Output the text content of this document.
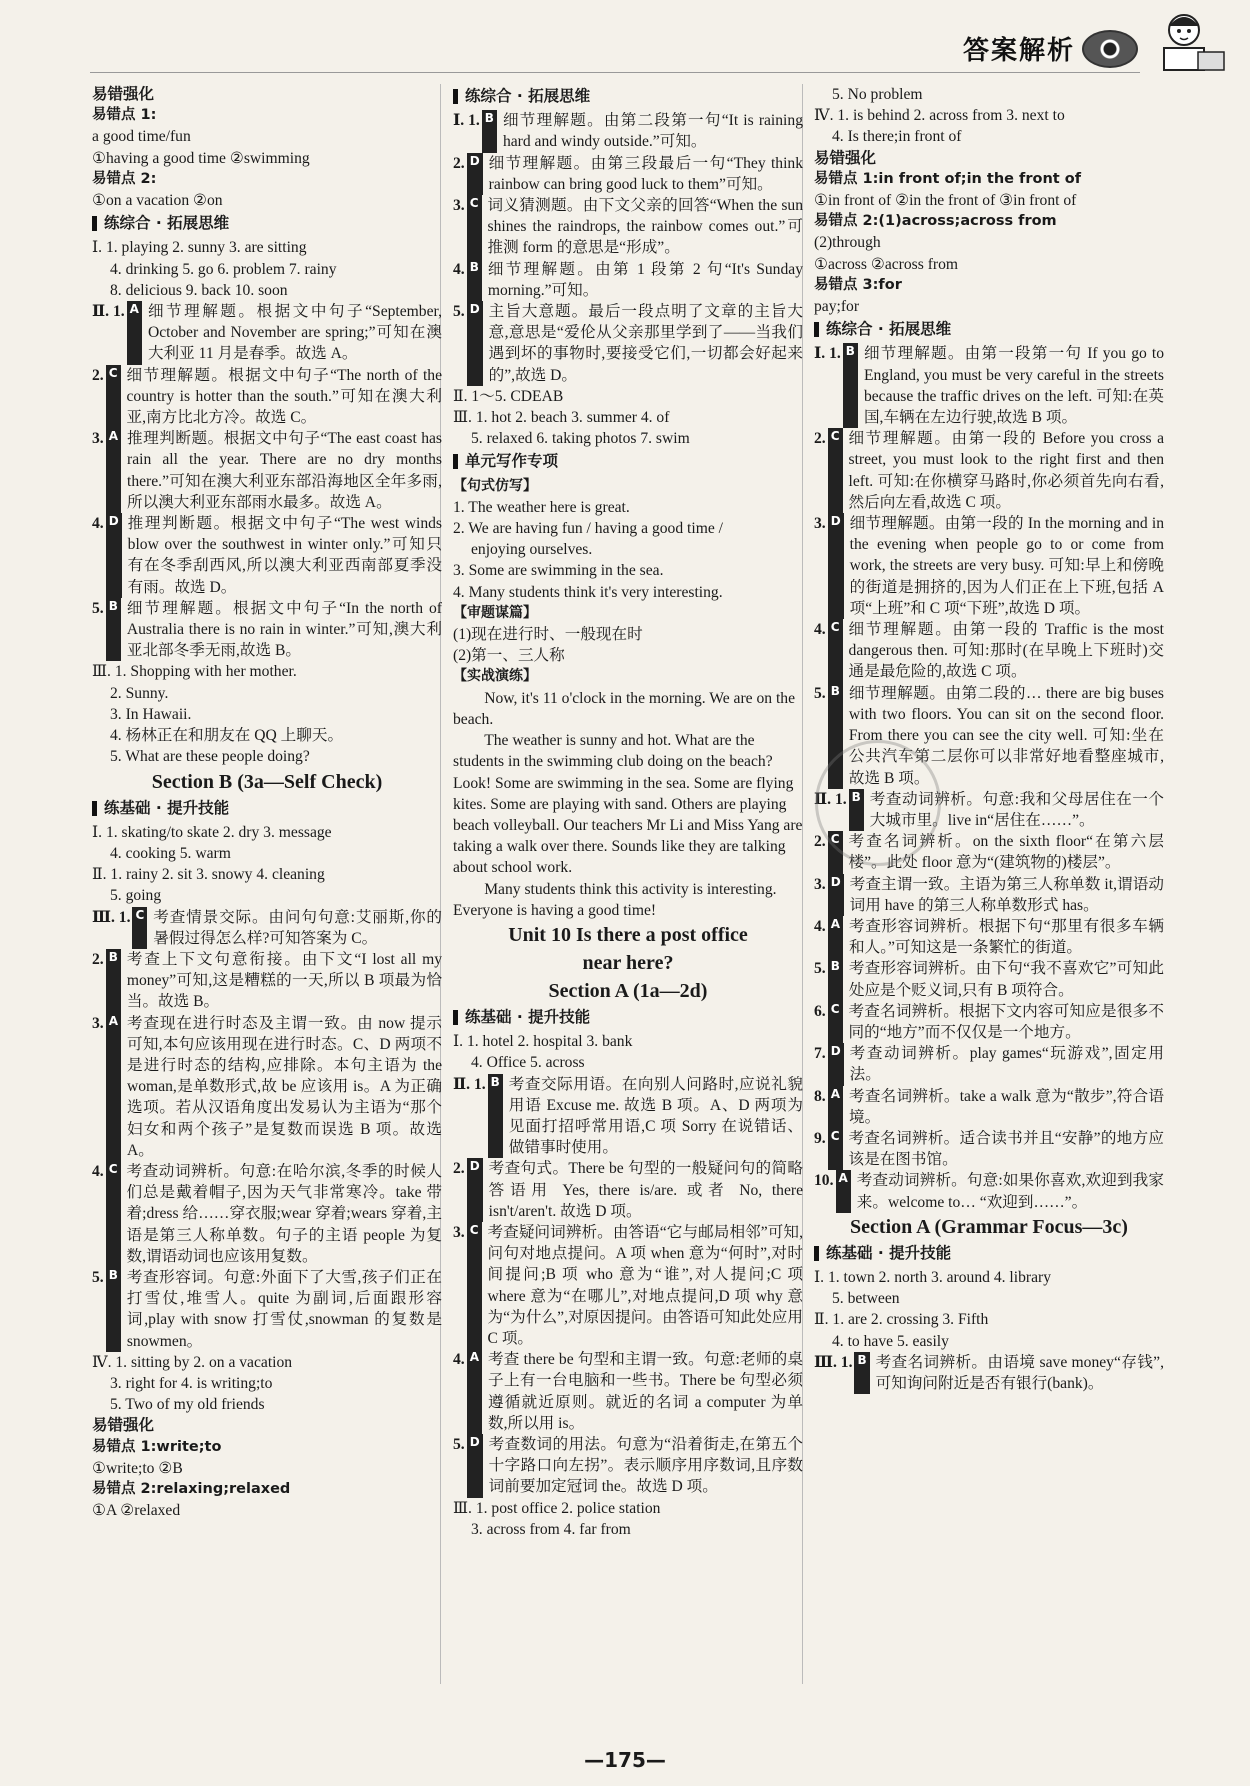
答案解析
易错强化
易错点 1:
a good time/fun
①having a good time ②swimming
易错点 2:
①on a vacation ②on
练综合 · 拓展思维
Ⅰ. 1. playing 2. sunny 3. are sitting
4. drinking 5. go 6. problem 7. rainy
8. delicious 9. back 10. soon
Ⅱ. 1. A 细节理解题。根据文中句子“September, October and November are spring;”可知在澳大利亚 11 月是春季。故选 A。
2. C 细节理解题。根据文中句子“The north of the country is hotter than the south.”可知在澳大利亚,南方比北方冷。故选 C。
3. A 推理判断题。根据文中句子“The east coast has rain all the year. There are no dry months there.”可知在澳大利亚东部沿海地区全年多雨,所以澳大利亚东部雨水最多。故选 A。
4. D 推理判断题。根据文中句子“The west winds blow over the southwest in winter only.”可知只有在冬季刮西风,所以澳大利亚西南部夏季没有雨。故选 D。
5. B 细节理解题。根据文中句子“In the north of Australia there is no rain in winter.”可知,澳大利亚北部冬季无雨,故选 B。
Ⅲ. 1. Shopping with her mother.
2. Sunny.
3. In Hawaii.
4. 杨林正在和朋友在 QQ 上聊天。
5. What are these people doing?
Section B (3a—Self Check)
练基础 · 提升技能
Ⅰ. 1. skating/to skate 2. dry 3. message
4. cooking 5. warm
Ⅱ. 1. rainy 2. sit 3. snowy 4. cleaning
5. going
Ⅲ. 1. C 考查情景交际。由问句句意:艾丽斯,你的暑假过得怎么样?可知答案为 C。
2. B 考查上下文句意衔接。由下文“I lost all my money”可知,这是糟糕的一天,所以 B 项最为恰当。故选 B。
3. A 考查现在进行时态及主谓一致。由 now 提示可知,本句应该用现在进行时态。C、D 两项不是进行时态的结构,应排除。本句主语为 the woman,是单数形式,故 be 应该用 is。A 为正确选项。若从汉语角度出发易认为主语为“那个妇女和两个孩子”是复数而误选 B 项。故选 A。
4. C 考查动词辨析。句意:在哈尔滨,冬季的时候人们总是戴着帽子,因为天气非常寒冷。take 带着;dress 给……穿衣服;wear 穿着;wears 穿着,主语是第三人称单数。句子的主语 people 为复数,谓语动词也应该用复数。
5. B 考查形容词。句意:外面下了大雪,孩子们正在打雪仗,堆雪人。quite 为副词,后面跟形容词,play with snow 打雪仗,snowman 的复数是 snowmen。
Ⅳ. 1. sitting by 2. on a vacation
3. right for 4. is writing;to
5. Two of my old friends
易错强化
易错点 1:write;to
①write;to ②B
易错点 2:relaxing;relaxed
①A ②relaxed
练综合 · 拓展思维
Ⅰ. 1. B 细节理解题。由第二段第一句“It is raining hard and windy outside.”可知。
2. D 细节理解题。由第三段最后一句“They think rainbow can bring good luck to them”可知。
3. C 词义猜测题。由下文父亲的回答“When the sun shines the raindrops, the rainbow comes out.”可推测 form 的意思是“形成”。
4. B 细节理解题。由第 1 段第 2 句“It's Sunday morning.”可知。
5. D 主旨大意题。最后一段点明了文章的主旨大意,意思是“爱伦从父亲那里学到了——当我们遇到坏的事物时,要接受它们,一切都会好起来的”,故选 D。
Ⅱ. 1～5. CDEAB
Ⅲ. 1. hot 2. beach 3. summer 4. of
5. relaxed 6. taking photos 7. swim
单元写作专项
【句式仿写】
1. The weather here is great.
2. We are having fun / having a good time /
enjoying ourselves.
3. Some are swimming in the sea.
4. Many students think it's very interesting.
【审题谋篇】
(1)现在进行时、一般现在时
(2)第一、三人称
【实战演练】
Now, it's 11 o'clock in the morning. We are on the beach.
The weather is sunny and hot. What are the students in the swimming club doing on the beach? Look! Some are swimming in the sea. Some are flying kites. Some are playing with sand. Others are playing beach volleyball. Our teachers Mr Li and Miss Yang are taking a walk over there. Sounds like they are talking about school work.
Many students think this activity is interesting. Everyone is having a good time!
Unit 10 Is there a post office
near here?
Section A (1a—2d)
练基础 · 提升技能
Ⅰ. 1. hotel 2. hospital 3. bank
4. Office 5. across
Ⅱ. 1. B 考查交际用语。在向别人问路时,应说礼貌用语 Excuse me. 故选 B 项。A、D 两项为见面打招呼常用语,C 项 Sorry 在说错话、做错事时使用。
2. D 考查句式。There be 句型的一般疑问句的简略答语用 Yes, there is/are. 或者 No, there isn't/aren't. 故选 D 项。
3. C 考查疑问词辨析。由答语“它与邮局相邻”可知,问句对地点提问。A 项 when 意为“何时”,对时间提问;B 项 who 意为“谁”,对人提问;C 项 where 意为“在哪儿”,对地点提问,D 项 why 意为“为什么”,对原因提问。由答语可知此处应用 C 项。
4. A 考查 there be 句型和主谓一致。句意:老师的桌子上有一台电脑和一些书。There be 句型必须遵循就近原则。就近的名词 a computer 为单数,所以用 is。
5. D 考查数词的用法。句意为“沿着街走,在第五个十字路口向左拐”。表示顺序用序数词,且序数词前要加定冠词 the。故选 D 项。
Ⅲ. 1. post office 2. police station
3. across from 4. far from
5. No problem
Ⅳ. 1. is behind 2. across from 3. next to
4. Is there;in front of
易错强化
易错点 1:in front of;in the front of
①in front of ②in the front of ③in front of
易错点 2:(1)across;across from
(2)through
①across ②across from
易错点 3:for
pay;for
练综合 · 拓展思维
Ⅰ. 1. B 细节理解题。由第一段第一句 If you go to England, you must be very careful in the streets because the traffic drives on the left. 可知:在英国,车辆在左边行驶,故选 B 项。
2. C 细节理解题。由第一段的 Before you cross a street, you must look to the right first and then left. 可知:在你横穿马路时,你必须首先向右看,然后向左看,故选 C 项。
3. D 细节理解题。由第一段的 In the morning and in the evening when people go to or come from work, the streets are very busy. 可知:早上和傍晚的街道是拥挤的,因为人们正在上下班,包括 A 项“上班”和 C 项“下班”,故选 D 项。
4. C 细节理解题。由第一段的 Traffic is the most dangerous then. 可知:那时(在早晚上下班时)交通是最危险的,故选 C 项。
5. B 细节理解题。由第二段的… there are big buses with two floors. You can sit on the second floor. From there you can see the city well. 可知:坐在公共汽车第二层你可以非常好地看整座城市,故选 B 项。
Ⅱ. 1. B 考查动词辨析。句意:我和父母居住在一个大城市里。live in“居住在……”。
2. C 考查名词辨析。on the sixth floor“在第六层楼”。此处 floor 意为“(建筑物的)楼层”。
3. D 考查主谓一致。主语为第三人称单数 it,谓语动词用 have 的第三人称单数形式 has。
4. A 考查形容词辨析。根据下句“那里有很多车辆和人。”可知这是一条繁忙的街道。
5. B 考查形容词辨析。由下句“我不喜欢它”可知此处应是个贬义词,只有 B 项符合。
6. C 考查名词辨析。根据下文内容可知应是很多不同的“地方”而不仅仅是一个地方。
7. D 考查动词辨析。play games“玩游戏”,固定用法。
8. A 考查名词辨析。take a walk 意为“散步”,符合语境。
9. C 考查名词辨析。适合读书并且“安静”的地方应该是在图书馆。
10. A 考查动词辨析。句意:如果你喜欢,欢迎到我家来。welcome to… “欢迎到……”。
Section A (Grammar Focus—3c)
练基础 · 提升技能
Ⅰ. 1. town 2. north 3. around 4. library
5. between
Ⅱ. 1. are 2. crossing 3. Fifth
4. to have 5. easily
Ⅲ. 1. B 考查名词辨析。由语境 save money“存钱”,可知询问附近是否有银行(bank)。
—175—
